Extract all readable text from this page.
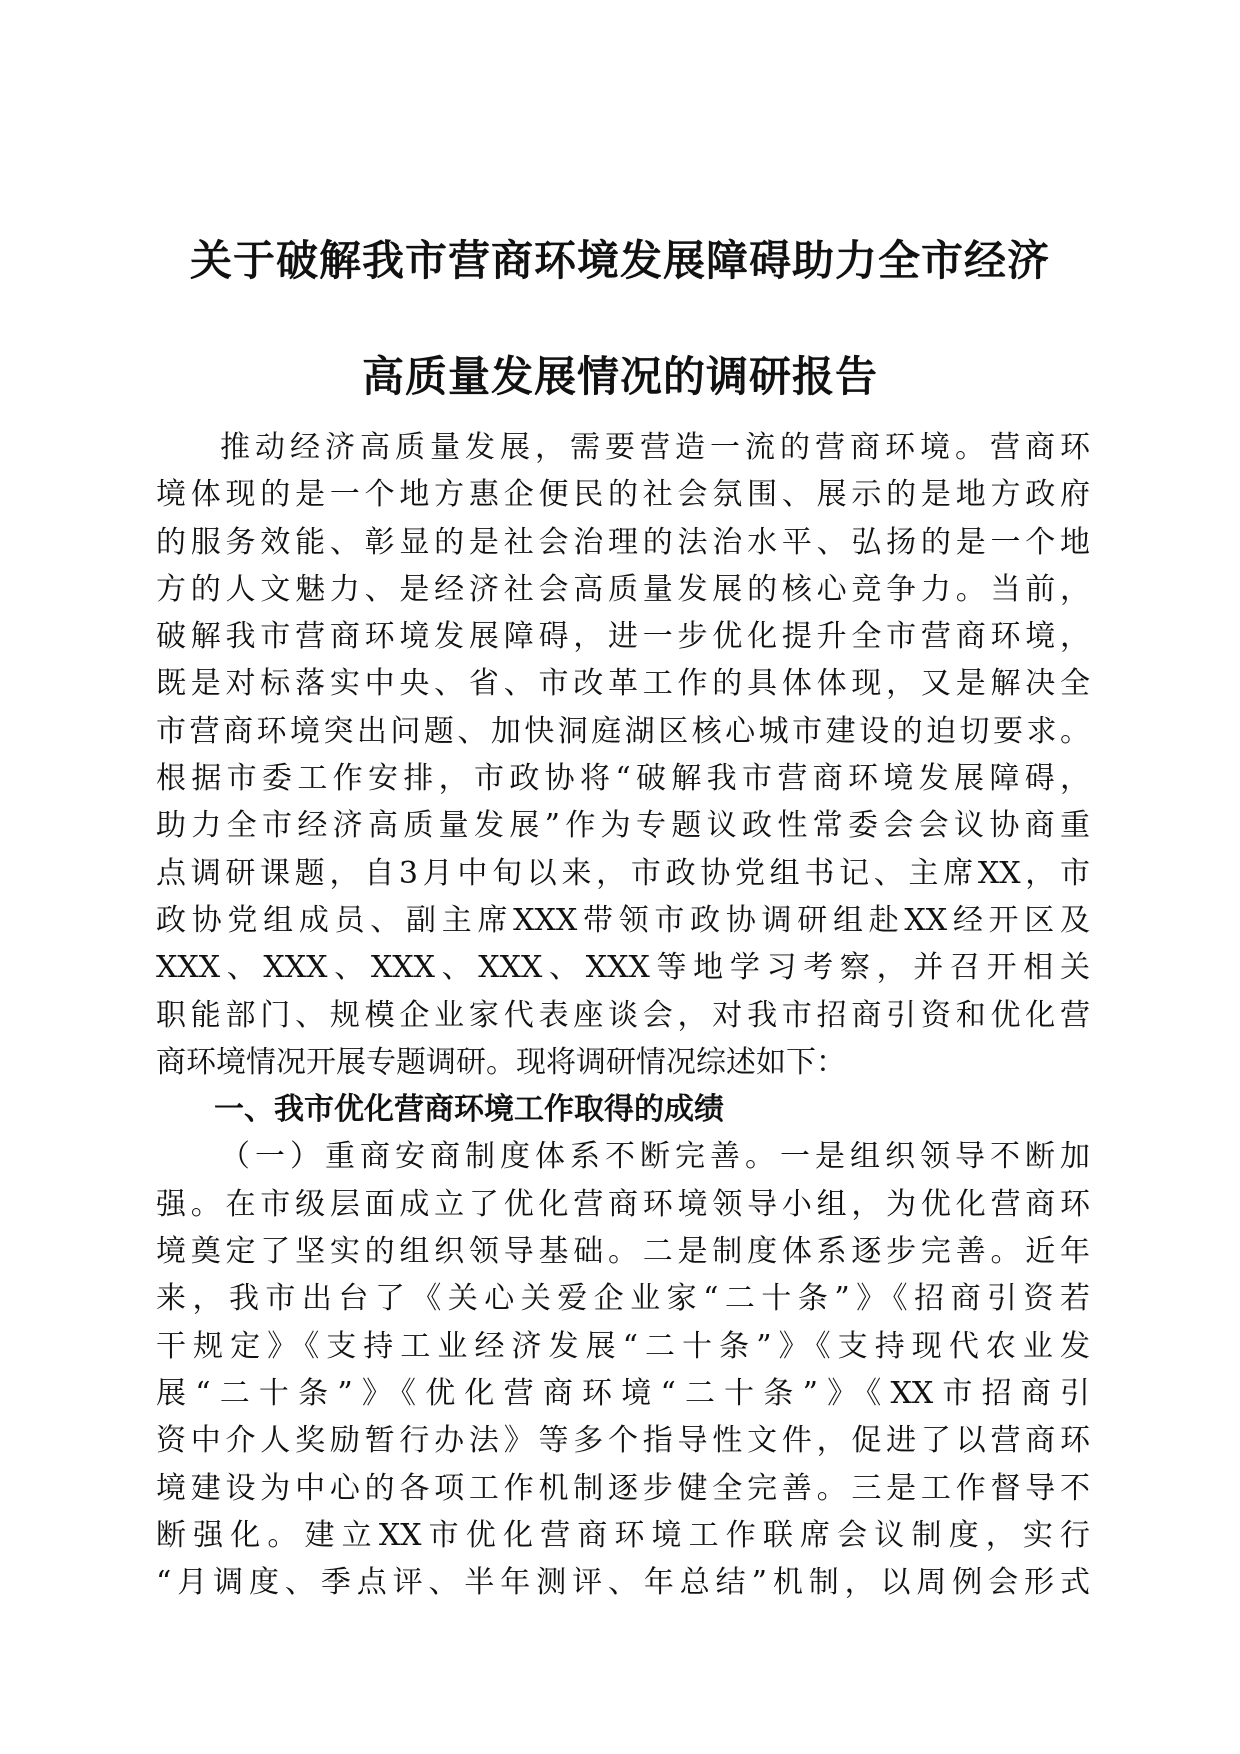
关于破解我市营商环境发展障碍助力全市经济
高质量发展情况的调研报告
推动经济高质量发展，需要营造一流的营商环境。营商环
境体现的是一个地方惠企便民的社会氛围、展示的是地方政府
的服务效能、彰显的是社会治理的法治水平、弘扬的是一个地
方的人文魅力、是经济社会高质量发展的核心竞争力。当前，
破解我市营商环境发展障碍，进一步优化提升全市营商环境，
既是对标落实中央、省、市改革工作的具体体现，又是解决全
市营商环境突出问题、加快洞庭湖区核心城市建设的迫切要求。
根据市委工作安排，市政协将“破解我市营商环境发展障碍，
助力全市经济高质量发展”作为专题议政性常委会会议协商重
点调研课题，自3月中旬以来，市政协党组书记、主席XX，市
政协党组成员、副主席XXX带领市政协调研组赴XX经开区及
XXX、XXX、XXX、XXX、XXX等地学习考察，并召开相关
职能部门、规模企业家代表座谈会，对我市招商引资和优化营
商环境情况开展专题调研。现将调研情况综述如下：
一、我市优化营商环境工作取得的成绩
（一）重商安商制度体系不断完善。一是组织领导不断加
强。在市级层面成立了优化营商环境领导小组，为优化营商环
境奠定了坚实的组织领导基础。二是制度体系逐步完善。近年
来，我市出台了《关心关爱企业家“二十条”》《招商引资若
干规定》《支持工业经济发展“二十条”》《支持现代农业发
展“二十条”》《优化营商环境“二十条”》《XX市招商引
资中介人奖励暂行办法》等多个指导性文件，促进了以营商环
境建设为中心的各项工作机制逐步健全完善。三是工作督导不
断强化。建立XX市优化营商环境工作联席会议制度，实行
“月调度、季点评、半年测评、年总结”机制，以周例会形式
